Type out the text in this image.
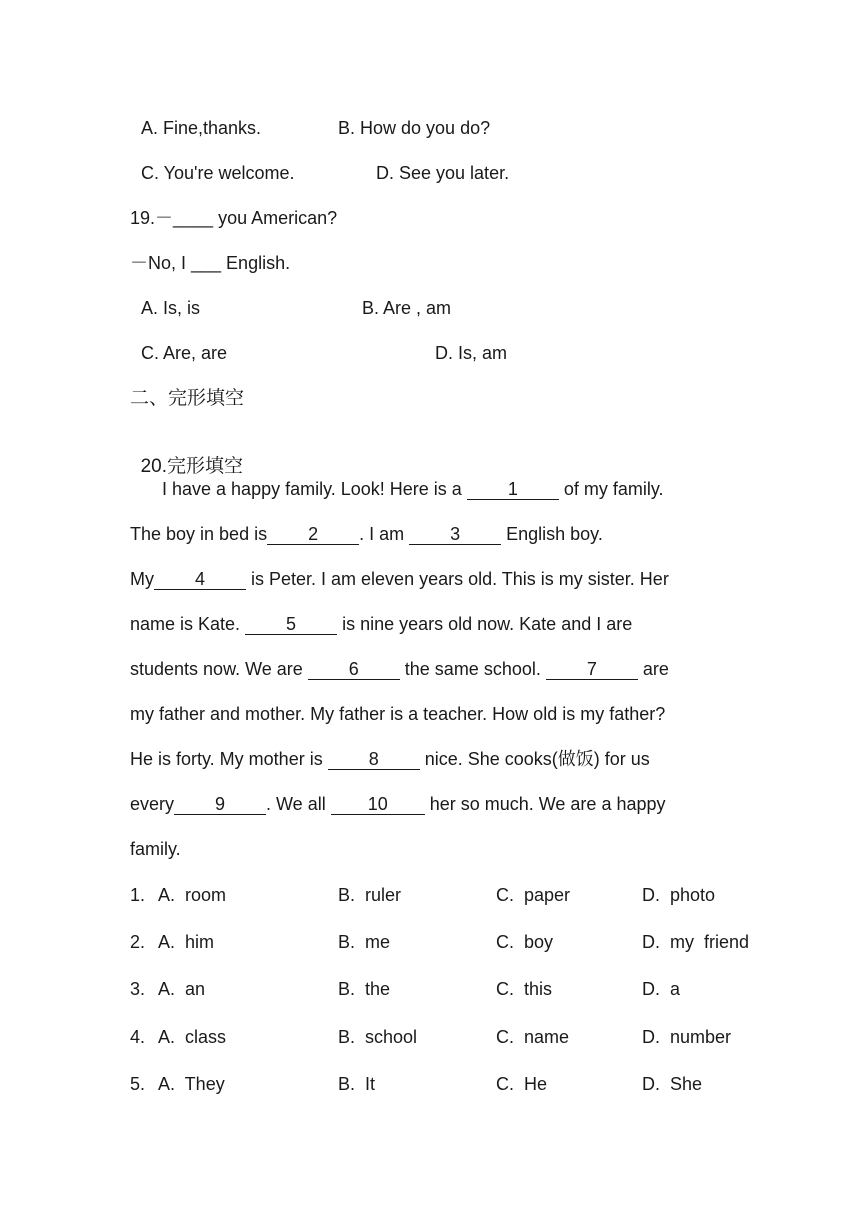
A. Fine,thanks.	B. How do you do?
C. You're welcome.	D. See you later.
19.－____ you American?
－No, I ___ English.
A. Is, is	B. Are , am
C. Are, are	D. Is, am
二、完形填空

20.完形填空

I have a happy family. Look! Here is a 1 of my family.
The boy in bed is 2 . I am 3 English boy.
My 4 is Peter. I am eleven years old. This is my sister. Her
name is Kate. 5 is nine years old now. Kate and I are
students now. We are 6 the same school. 7 are
my father and mother. My father is a teacher. How old is my father?
He is forty. My mother is 8 nice. She cooks(做饭) for us
every 9 . We all 10 her so much. We are a happy
family.
1. A.  room	B.  ruler	C.  paper	D.  photo
2. A.  him	B.  me	C.  boy	D.  my  friend
3. A.  an	B.  the	C.  this	D.  a
4. A.  class	B.  school	C.  name	D.  number
5. A.  They	B.  It	C.  He	D.  She
